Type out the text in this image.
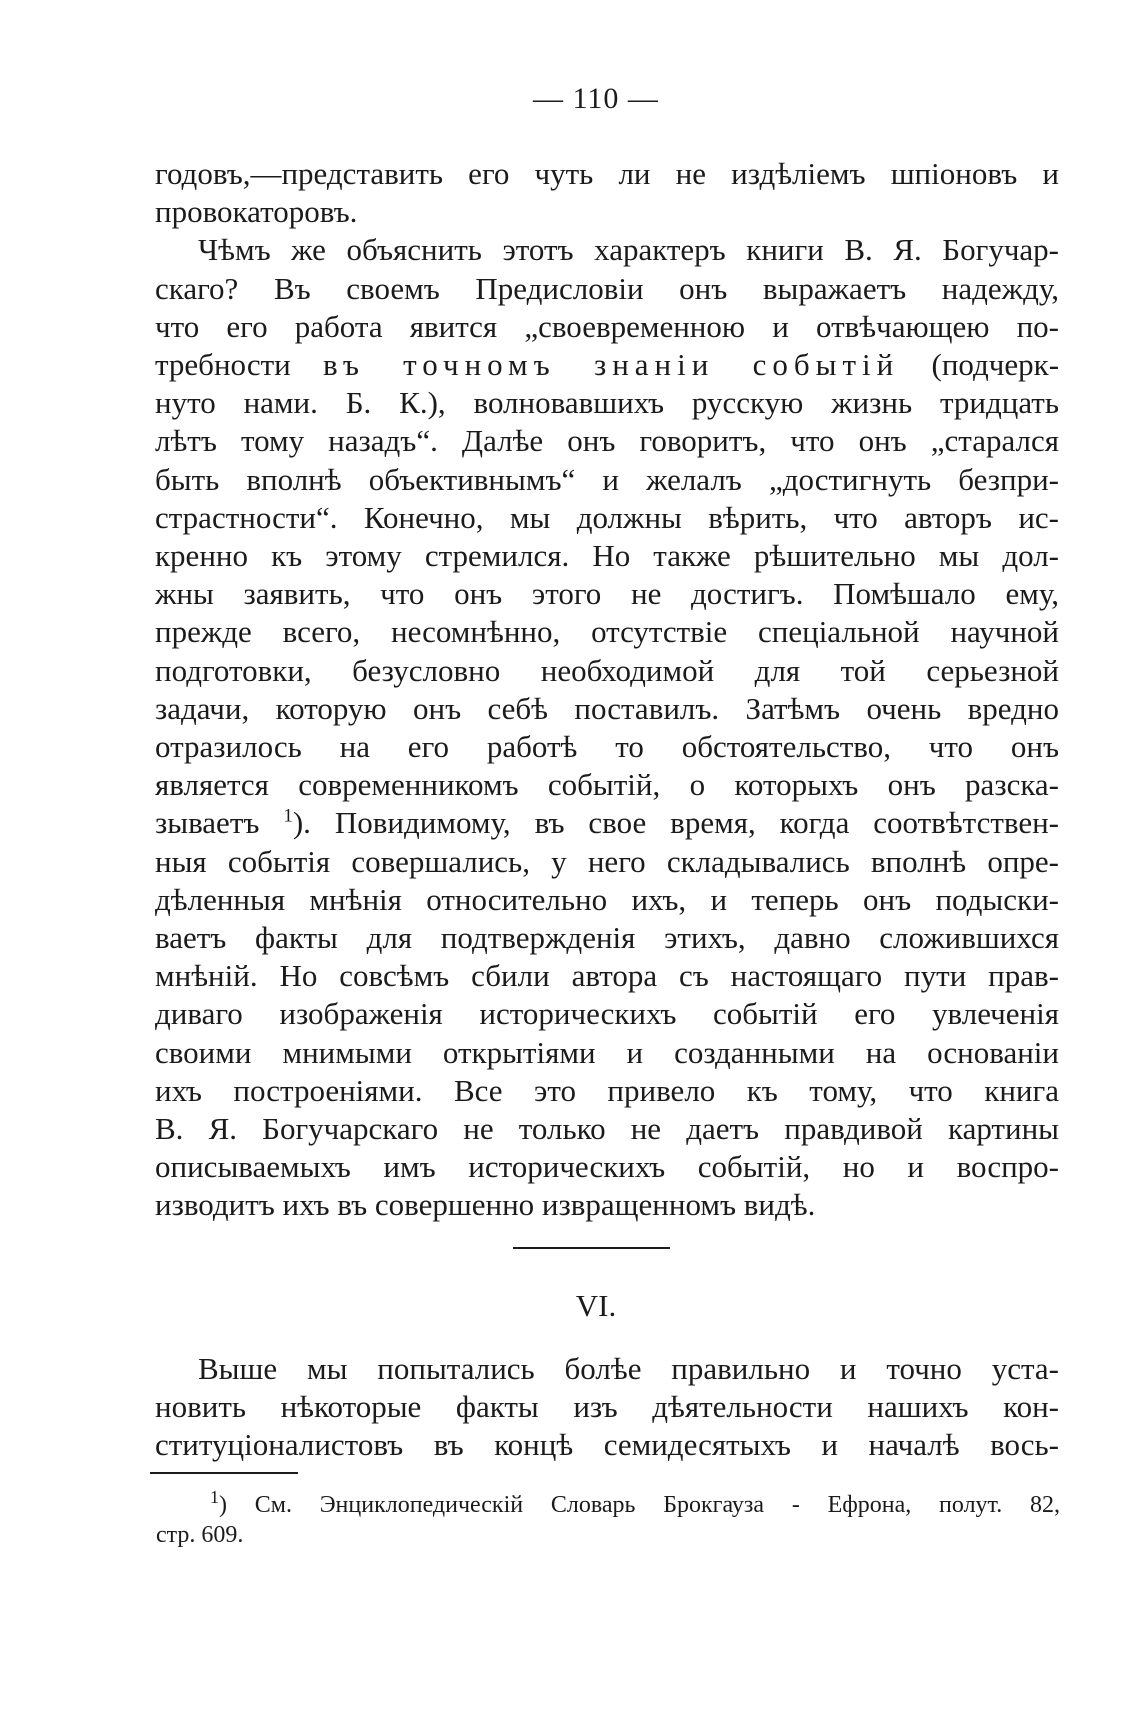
— 110 —

годовъ,—представить его чуть ли не издѣліемъ шпіоновъ и
провокаторовъ.

Чѣмъ же объяснить этотъ характеръ книги В. Я. Богучар-
скаго? Въ своемъ Предисловіи онъ выражаетъ надежду,
что его работа явится „своевременною и отвѣчающею по-
требности въ точномъ знаніи событій (подчерк-
нуто нами. Б. К.), волновавшихъ русскую жизнь тридцать
лѣтъ тому назадъ“. Далѣе онъ говоритъ, что онъ „старался
быть вполнѣ объективнымъ“ и желалъ „достигнуть безпри-
страстности“. Конечно, мы должны вѣрить, что авторъ ис-
кренно къ этому стремился. Но также рѣшительно мы дол-
жны заявить, что онъ этого не достигъ. Помѣшало ему,
прежде всего, несомнѣнно, отсутствіе спеціальной научной
подготовки, безусловно необходимой для той серьезной
задачи, которую онъ себѣ поставилъ. Затѣмъ очень вредно
отразилось на его работѣ то обстоятельство, что онъ
является современникомъ событій, о которыхъ онъ разска-
зываетъ $^1$). Повидимому, въ свое время, когда соотвѣтствен-
ныя событія совершались, у него складывались вполнѣ опре-
дѣленныя мнѣнія относительно ихъ, и теперь онъ подыски-
ваетъ факты для подтвержденія этихъ, давно сложившихся
мнѣній. Но совсѣмъ сбили автора съ настоящаго пути прав-
диваго изображенія историческихъ событій его увлеченія
своими мнимыми открытіями и созданными на основаніи
ихъ построеніями. Все это привело къ тому, что книга
В. Я. Богучарскаго не только не даетъ правдивой картины
описываемыхъ имъ историческихъ событій, но и воспро-
изводитъ ихъ въ совершенно извращенномъ видѣ.

VI.

Выше мы попытались болѣе правильно и точно уста-
новить нѣкоторые факты изъ дѣятельности нашихъ кон-
ституціоналистовъ въ концѣ семидесятыхъ и началѣ вось-

$^1$) См. Энциклопедическій Словарь Брокгауза - Ефрона, полут. 82,
стр. 609.
